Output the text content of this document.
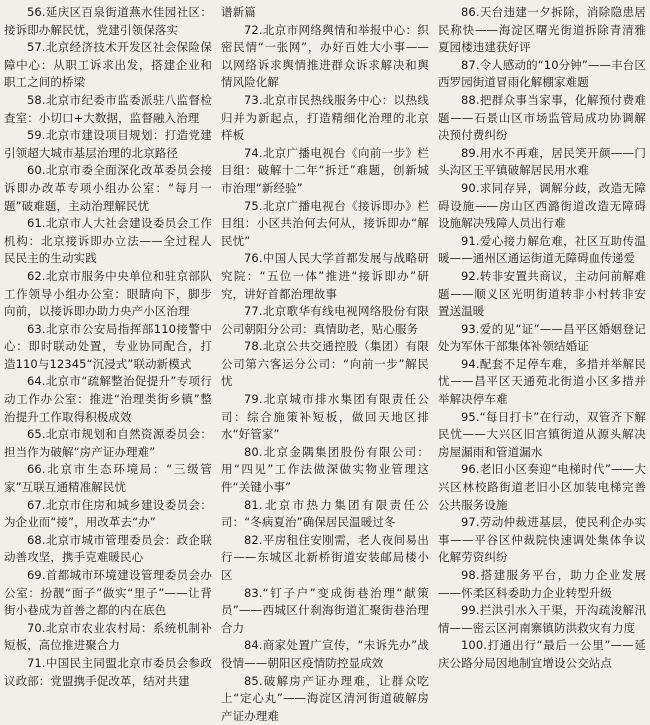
56.延庆区百泉街道燕水佳园社区：接诉即办解民忧，党建引领保落实

57.北京经济技术开发区社会保险保障中心：从职工诉求出发，搭建企业和职工之间的桥梁

58.北京市纪委市监委派驻八监督检查室：小切口+大数据，监督融入治理

59.北京市建设项目规划：打造党建引领超大城市基层治理的北京路径

60.北京市委全面深化改革委员会接诉即办改革专项小组办公室：“每月一题”破难题，主动治理解民忧

61.北京市人大社会建设委员会工作机构：北京接诉即办立法——全过程人民民主的生动实践

62.北京市服务中央单位和驻京部队工作领导小组办公室：眼睛向下，脚步向前，以接诉即办助力央产小区治理

63.北京市公安局指挥部110接警中心：即时联动处置，专业协同配合，打造110与12345“沉浸式”联动新模式

64.北京市“疏解整治促提升”专项行动工作办公室：推进“治理类街乡镇”整治提升工作取得积极成效

65.北京市规划和自然资源委员会：担当作为破解“房产证办理难”

66.北京市生态环境局：“三级管家”互联互通精准解民忧

67.北京市住房和城乡建设委员会：为企业而“接”，用改革去“办”

68.北京市城市管理委员会：政企联动善攻坚，携手克难暖民心

69.首都城市环境建设管理委员会办公室：扮靓“面子”做实“里子”——让背街小巷成为首善之都的内在底色

70.北京市农业农村局：系统机制补短板，高位推进聚合力

71.中国民主同盟北京市委员会参政议政部：党盟携手促改革，结对共建

谱新篇

72.北京市网络舆情和举报中心：织密民情“一张网”，办好百姓大小事——以网络诉求舆情推进群众诉求解决和舆情风险化解

73.北京市民热线服务中心：以热线归并为新起点，打造精细化治理的北京样板

74.北京广播电视台《向前一步》栏目组：破解十二年“拆迁”难题，创新城市治理“新经验”

75.北京广播电视台《接诉即办》栏目组：小区共治何去何从，接诉即办“解民忧”

76.中国人民大学首都发展与战略研究院：“五位一体”推进“接诉即办”研究，讲好首都治理故事

77.北京歌华有线电视网络股份有限公司朝阳分公司：真情助老，贴心服务

78.北京公共交通控股（集团）有限公司第六客运分公司：“向前一步”解民忧

79.北京城市排水集团有限责任公司：综合施策补短板，做回天地区排水“好管家”

80.北京金隅集团股份有限公司：用“四见”工作法做深做实物业管理这件“关键小事”

81.北京市热力集团有限责任公司：“冬病夏治”确保居民温暖过冬

82.平房租住安刚需，老人夜间易出行——东城区北新桥街道安装邮局楼小区

83.“钉子户”变成街巷治理“献策员”——西城区什刹海街道汇聚街巷治理合力

84.商家处置广宣传，“未诉先办”战役情——朝阳区疫情防控显成效

85.破解房产证办理难，让群众吃上“定心丸”——海淀区清河街道破解房产证办理难

86.天台违建一夕拆除，消除隐患居民称快——海淀区曙光街道拆除青清雅夏园楼违建获好评

87.令人感动的“10分钟”——丰台区西罗园街道冒雨化解棚家难题

88.把群众事当家事，化解预付费难题——石景山区市场监管局成功协调解决预付费纠纷

89.用水不再难，居民笑开颜——门头沟区王平镇破解居民用水难

90.求同存异，调解分歧，改造无障碍设施——房山区西潞街道改造无障碍设施解决残障人员出行难

91.爱心接力解危难，社区互助传温暖——通州区通运街道无障碍血传递爱

92.转非安置共商议，主动问前解难题——顺义区光明街道转非小村转非安置送温暖

93.爱的见“证”——昌平区婚姻登记处为军休干部集体补领结婚证

94.配套不足停车难，多措并举解民忧——昌平区天通苑北街道小区多措并举解决停车难

95.“每日打卡”在行动，双管齐下解民忧——大兴区旧宫镇街道从源头解决房屋漏雨和管道漏水

96.老旧小区奏迎“电梯时代”——大兴区林校路街道老旧小区加装电梯完善公共服务设施

97.劳动仲裁进基层，使民利企办实事——平谷区仲裁院快速调处集体争议化解劳资纠纷

98.搭建服务平台，助力企业发展——怀柔区科委助力企业转型升级

99.拦洪引水入干渠，开沟疏浚解汛情——密云区河南寨镇防洪救灾有力度

100.打通出行“最后一公里”——延庆公路分局因地制宜增设公交站点
